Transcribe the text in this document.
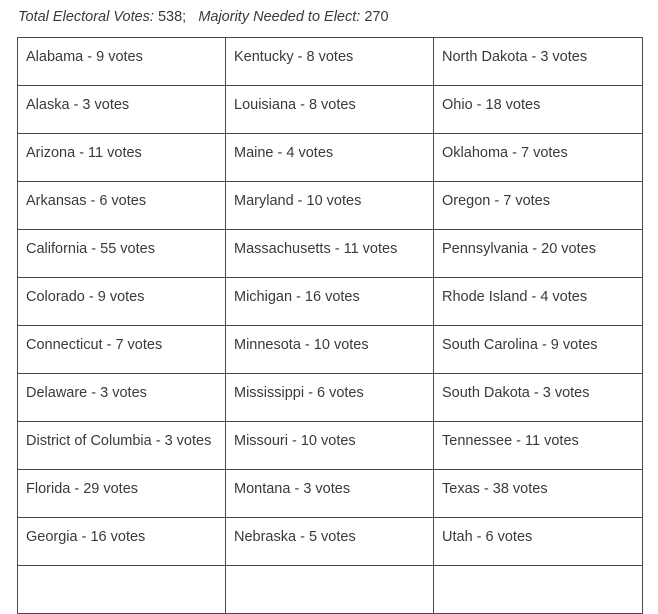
Total Electoral Votes: 538; Majority Needed to Elect: 270
Alabama - 9 votes	Kentucky - 8 votes	North Dakota - 3 votes
Alaska - 3 votes	Louisiana - 8 votes	Ohio - 18 votes
Arizona - 11 votes	Maine - 4 votes	Oklahoma - 7 votes
Arkansas - 6 votes	Maryland - 10 votes	Oregon - 7 votes
California - 55 votes	Massachusetts - 11 votes	Pennsylvania - 20 votes
Colorado - 9 votes	Michigan - 16 votes	Rhode Island - 4 votes
Connecticut - 7 votes	Minnesota - 10 votes	South Carolina - 9 votes
Delaware - 3 votes	Mississippi - 6 votes	South Dakota - 3 votes
District of Columbia - 3 votes	Missouri - 10 votes	Tennessee - 11 votes
Florida - 29 votes	Montana - 3 votes	Texas - 38 votes
Georgia - 16 votes	Nebraska - 5 votes	Utah - 6 votes
